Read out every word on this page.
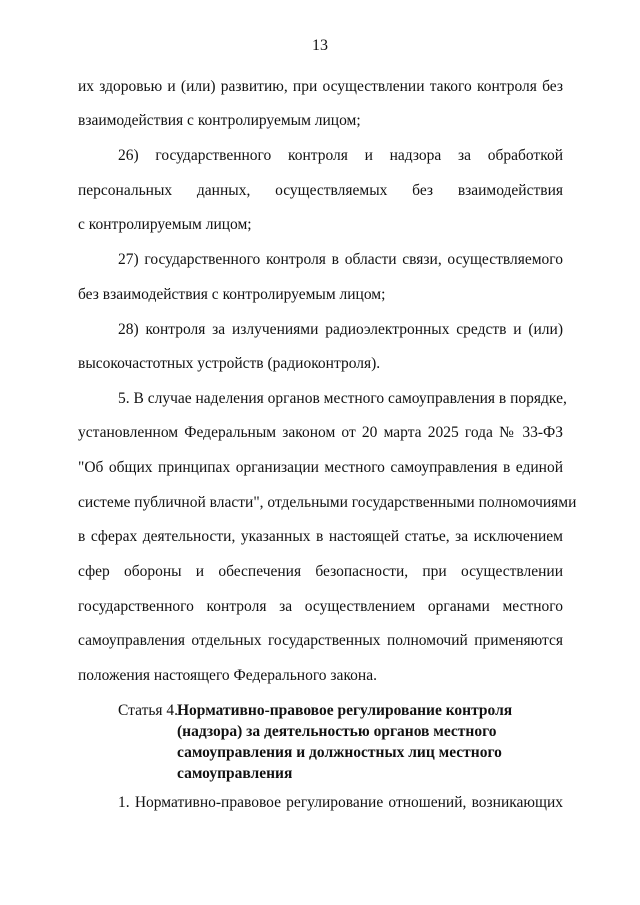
13
их здоровью и (или) развитию, при осуществлении такого контроля без
взаимодействия с контролируемым лицом;
26) государственного контроля и надзора за обработкой
персональных данных, осуществляемых без взаимодействия
с контролируемым лицом;
27) государственного контроля в области связи, осуществляемого
без взаимодействия с контролируемым лицом;
28) контроля за излучениями радиоэлектронных средств и (или)
высокочастотных устройств (радиоконтроля).
5. В случае наделения органов местного самоуправления в порядке,
установленном Федеральным законом от 20 марта 2025 года № 33-ФЗ
"Об общих принципах организации местного самоуправления в единой
системе публичной власти", отдельными государственными полномочиями
в сферах деятельности, указанных в настоящей статье, за исключением
сфер обороны и обеспечения безопасности, при осуществлении
государственного контроля за осуществлением органами местного
самоуправления отдельных государственных полномочий применяются
положения настоящего Федерального закона.
Статья 4.
Нормативно-правовое регулирование контроля
(надзора) за деятельностью органов местного
самоуправления и должностных лиц местного
самоуправления
1. Нормативно-правовое регулирование отношений, возникающих
